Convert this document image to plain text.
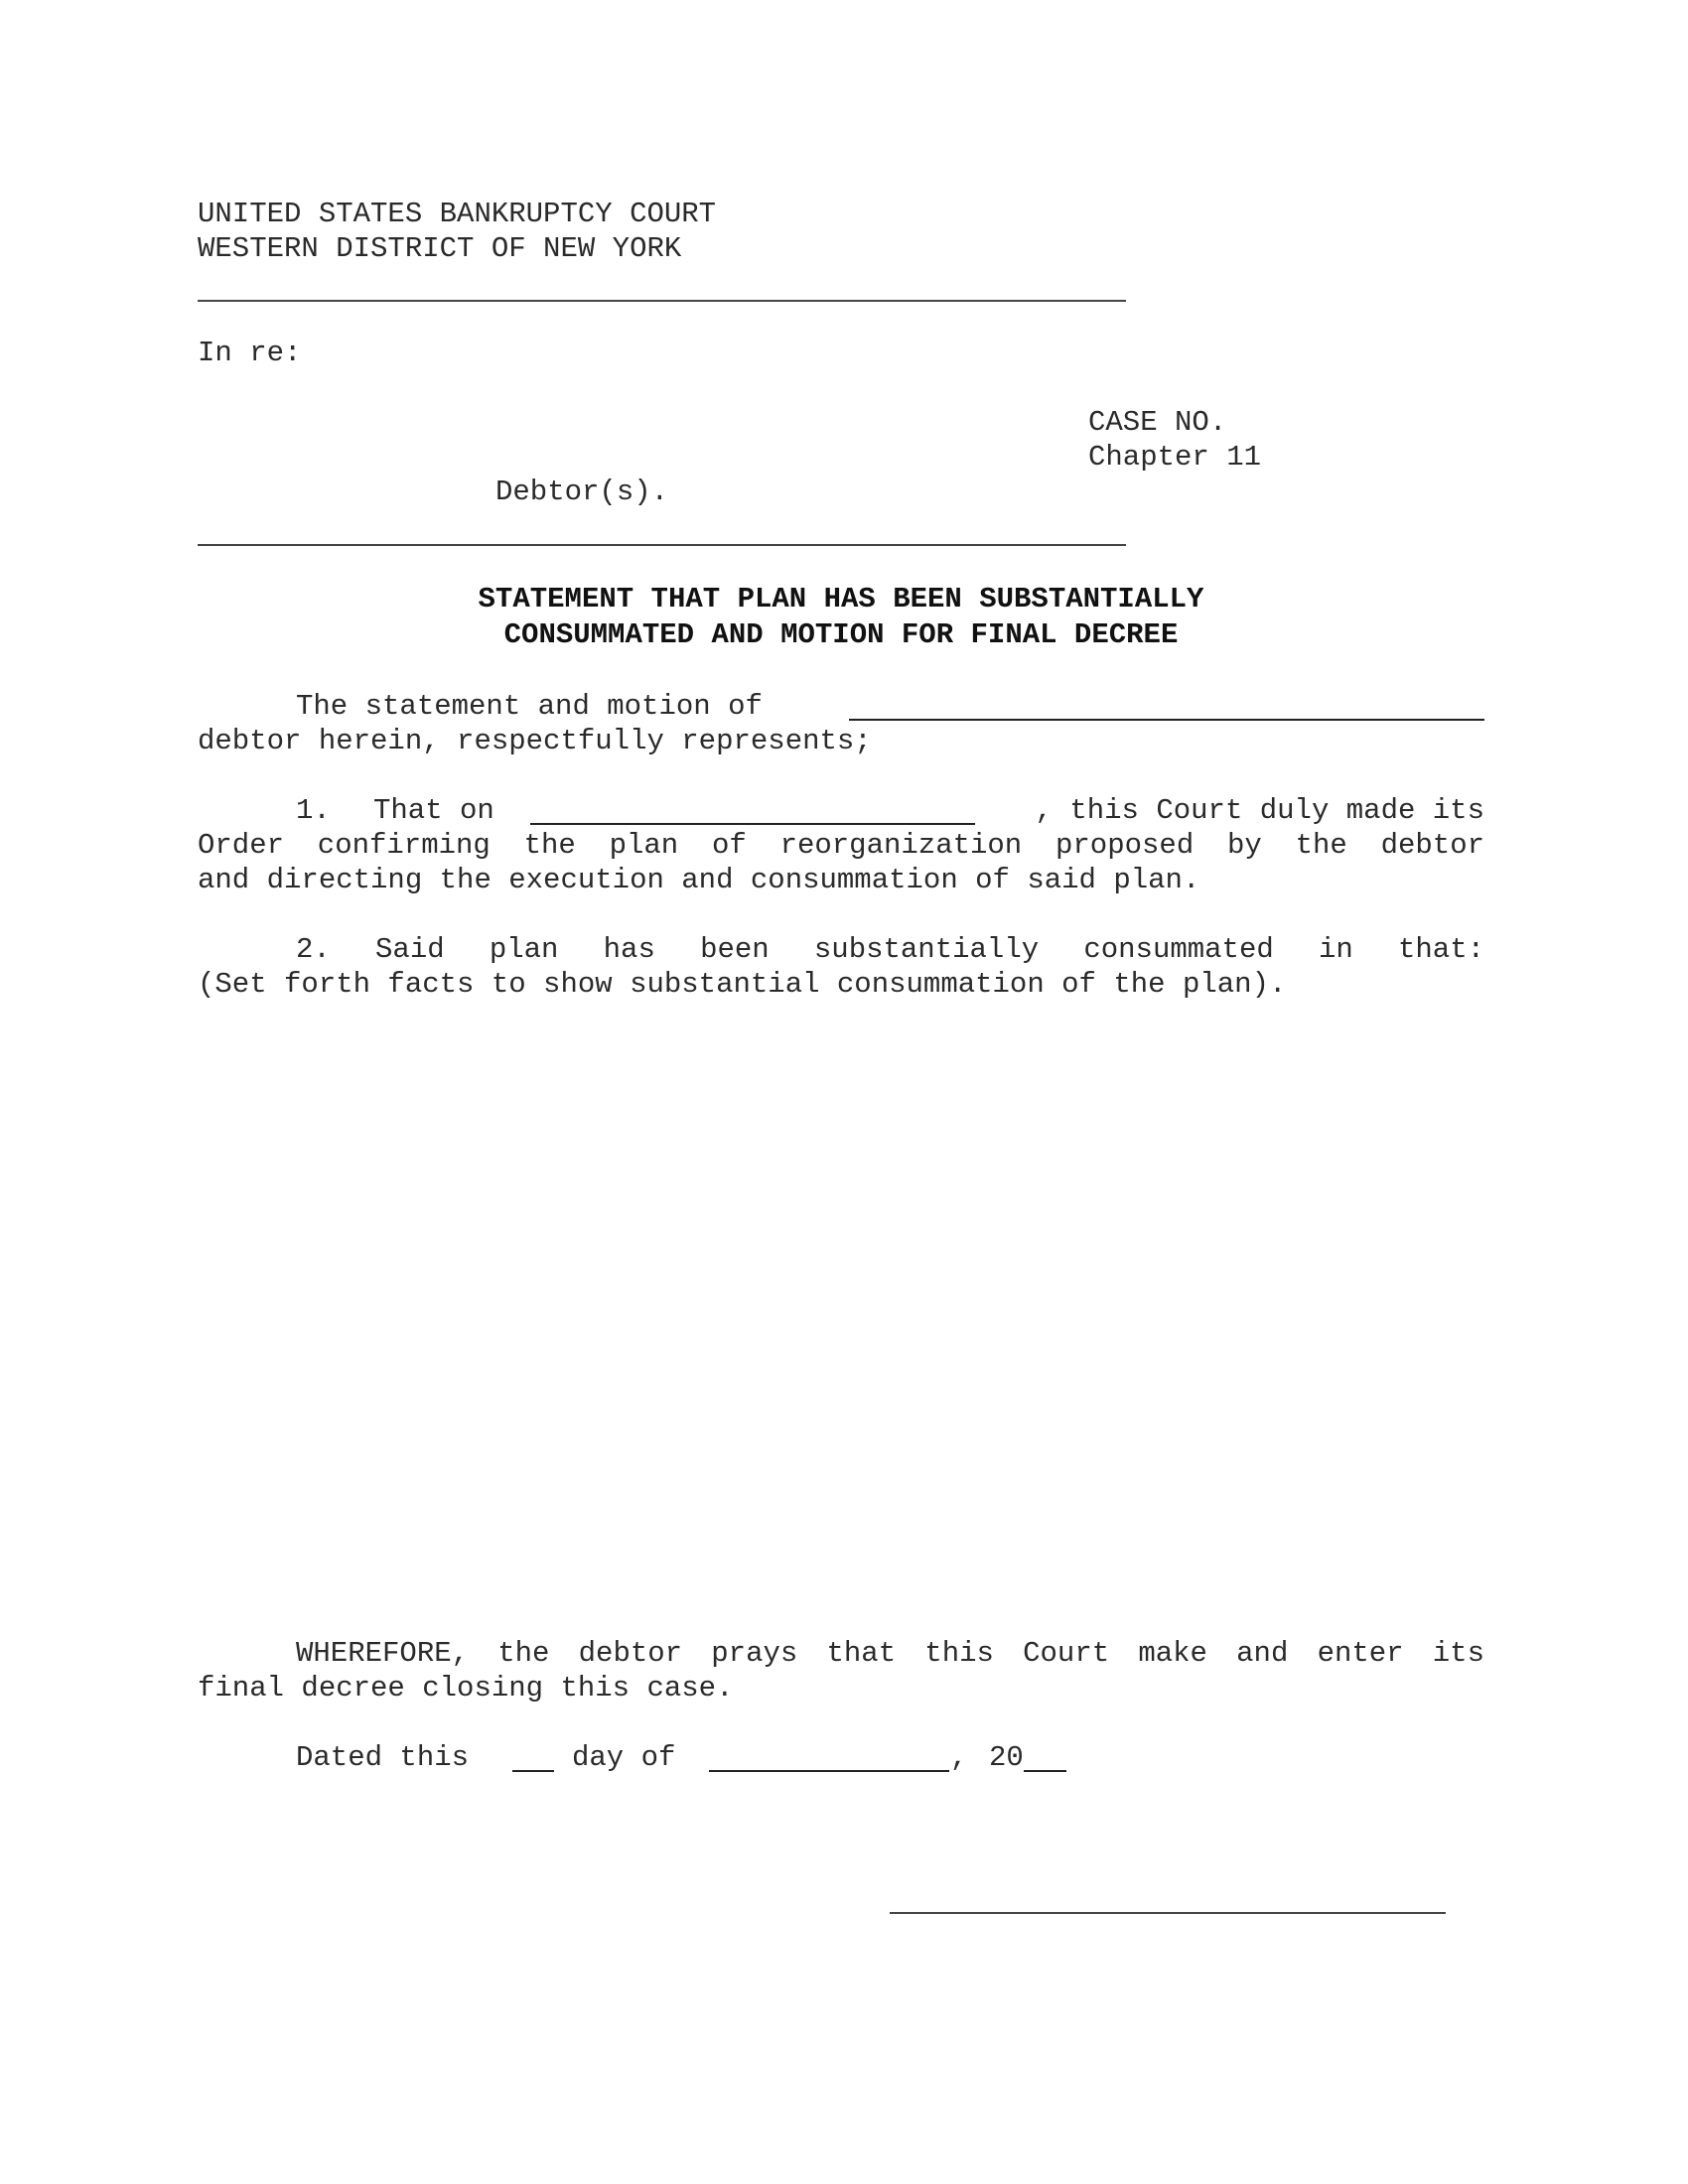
UNITED STATES BANKRUPTCY COURT
WESTERN DISTRICT OF NEW YORK
In re:
CASE NO.
Chapter 11
Debtor(s).
STATEMENT THAT PLAN HAS BEEN SUBSTANTIALLY
CONSUMMATED AND MOTION FOR FINAL DECREE
The statement and motion of
debtor herein, respectfully represents;
1. That on	, this Court duly made its
Order confirming the plan of reorganization proposed by the debtor
and directing the execution and consummation of said plan.
2. Said plan has been substantially consummated in that:
(Set forth facts to show substantial consummation of the plan).
WHEREFORE, the debtor prays that this Court make and enter its
final decree closing this case.
Dated this	day of	, 20
